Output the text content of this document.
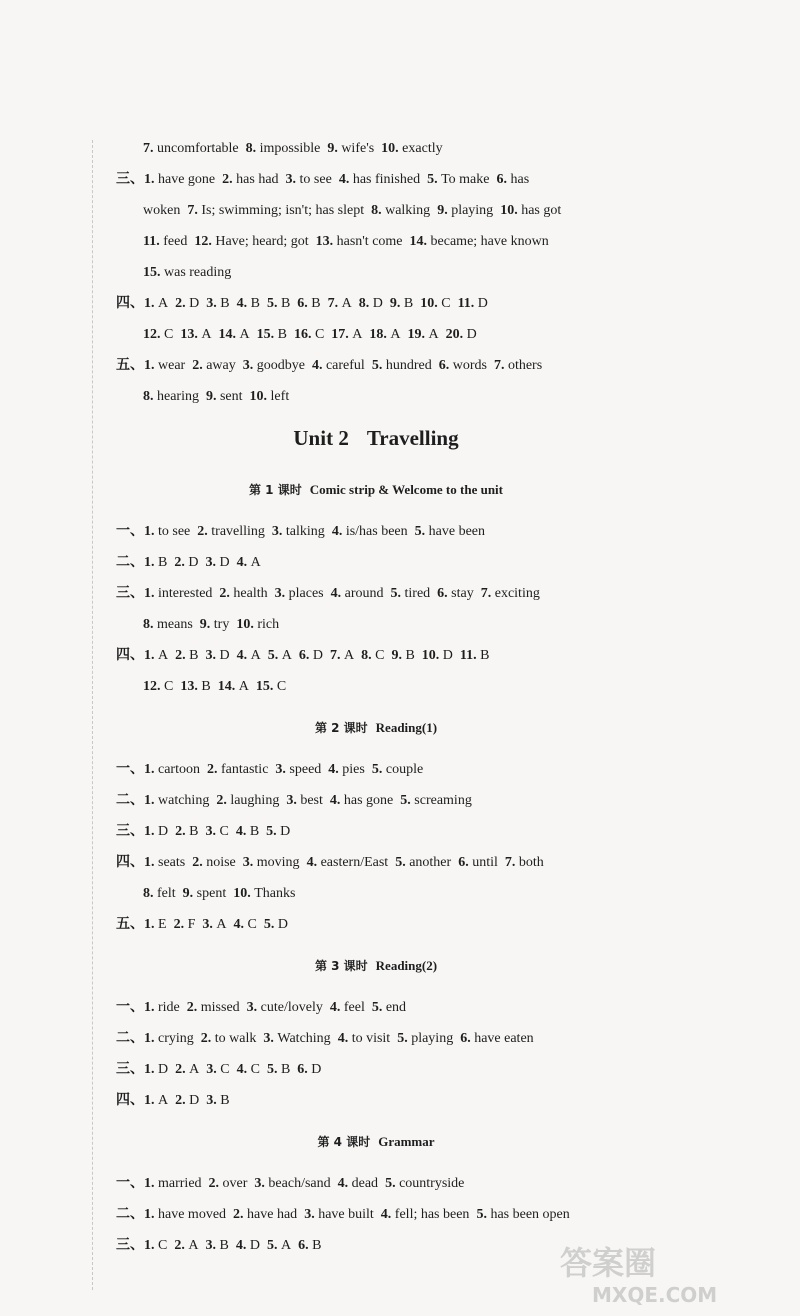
7. uncomfortable 8. impossible 9. wife's 10. exactly
三、1. have gone 2. has had 3. to see 4. has finished 5. To make 6. has
woken 7. Is; swimming; isn't; has slept 8. walking 9. playing 10. has got
11. feed 12. Have; heard; got 13. hasn't come 14. became; have known
15. was reading
四、1. A 2. D 3. B 4. B 5. B 6. B 7. A 8. D 9. B 10. C 11. D
12. C 13. A 14. A 15. B 16. C 17. A 18. A 19. A 20. D
五、1. wear 2. away 3. goodbye 4. careful 5. hundred 6. words 7. others
8. hearing 9. sent 10. left
Unit 2 Travelling
第 1 课时 Comic strip & Welcome to the unit
一、1. to see 2. travelling 3. talking 4. is/has been 5. have been
二、1. B 2. D 3. D 4. A
三、1. interested 2. health 3. places 4. around 5. tired 6. stay 7. exciting
8. means 9. try 10. rich
四、1. A 2. B 3. D 4. A 5. A 6. D 7. A 8. C 9. B 10. D 11. B
12. C 13. B 14. A 15. C
第 2 课时 Reading(1)
一、1. cartoon 2. fantastic 3. speed 4. pies 5. couple
二、1. watching 2. laughing 3. best 4. has gone 5. screaming
三、1. D 2. B 3. C 4. B 5. D
四、1. seats 2. noise 3. moving 4. eastern/East 5. another 6. until 7. both
8. felt 9. spent 10. Thanks
五、1. E 2. F 3. A 4. C 5. D
第 3 课时 Reading(2)
一、1. ride 2. missed 3. cute/lovely 4. feel 5. end
二、1. crying 2. to walk 3. Watching 4. to visit 5. playing 6. have eaten
三、1. D 2. A 3. C 4. C 5. B 6. D
四、1. A 2. D 3. B
第 4 课时 Grammar
一、1. married 2. over 3. beach/sand 4. dead 5. countryside
二、1. have moved 2. have had 3. have built 4. fell; has been 5. has been open
三、1. C 2. A 3. B 4. D 5. A 6. B	答案圈
MXQE.COM
